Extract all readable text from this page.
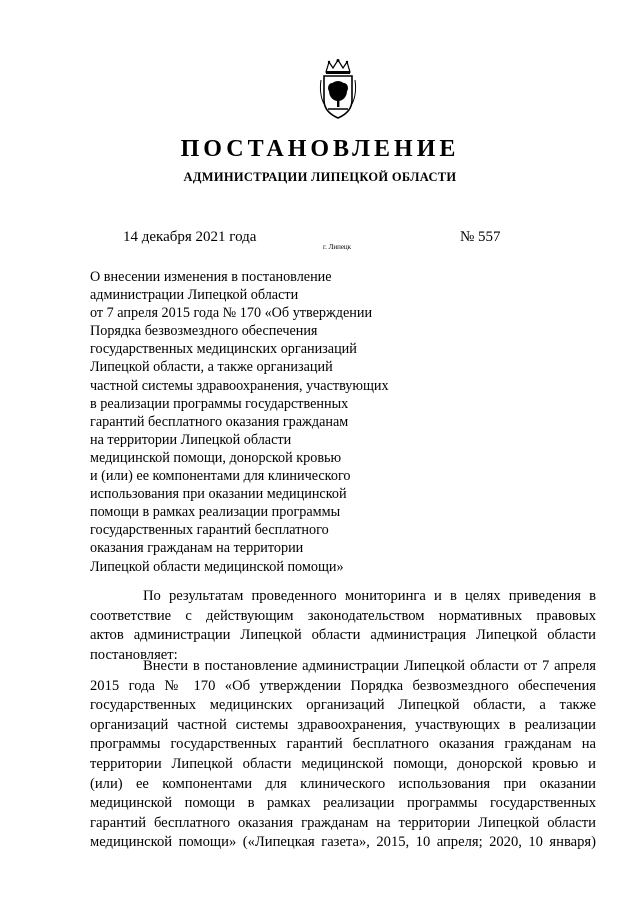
ПОСТАНОВЛЕНИЕ
АДМИНИСТРАЦИИ ЛИПЕЦКОЙ ОБЛАСТИ
14 декабря 2021 года
г. Липецк
№ 557
О внесении изменения в постановление
администрации Липецкой области
от 7 апреля 2015 года № 170 «Об утверждении
Порядка безвозмездного обеспечения
государственных медицинских организаций
Липецкой области, а также организаций
частной системы здравоохранения, участвующих
в реализации программы государственных
гарантий бесплатного оказания гражданам
на территории Липецкой области
медицинской помощи, донорской кровью
и (или) ее компонентами для клинического
использования при оказании медицинской
помощи в рамках реализации программы
государственных гарантий бесплатного
оказания гражданам на территории
Липецкой области медицинской помощи»
По результатам проведенного мониторинга и в целях приведения в
соответствие с действующим законодательством нормативных правовых
актов администрации Липецкой области администрация Липецкой области
постановляет:
Внести в постановление администрации Липецкой области от 7 апреля
2015 года № 170 «Об утверждении Порядка безвозмездного обеспечения
государственных медицинских организаций Липецкой области, а также
организаций частной системы здравоохранения, участвующих в реализации
программы государственных гарантий бесплатного оказания гражданам на
территории Липецкой области медицинской помощи, донорской кровью и
(или) ее компонентами для клинического использования при оказании
медицинской помощи в рамках реализации программы государственных
гарантий бесплатного оказания гражданам на территории Липецкой области
медицинской помощи» («Липецкая газета», 2015, 10 апреля; 2020, 10 января)
